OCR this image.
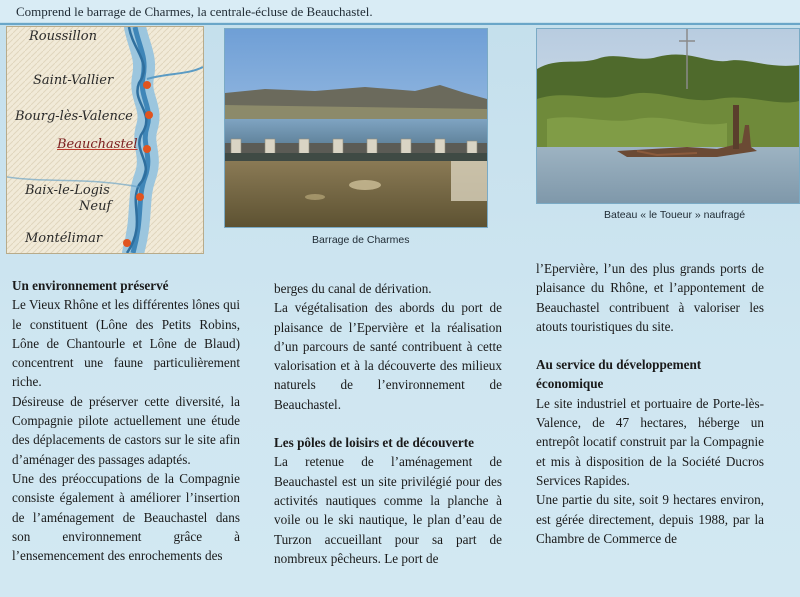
Comprend le barrage de Charmes, la centrale-écluse de Beauchastel.
Roussillon
Saint-Vallier
Bourg-lès-Valence
Beauchastel
Baix-le-Logis
Neuf
Montélimar	Barrage de Charmes
Bateau « le Toueur » naufragé
Un environnement préservé

Le Vieux Rhône et les différentes lônes qui le constituent (Lône des Petits Robins, Lône de Chantourle et Lône de Blaud) concentrent une faune particulièrement riche.

Désireuse de préserver cette diversité, la Compagnie pilote actuellement une étude des déplacements de castors sur le site afin d’aménager des passages adaptés.

Une des préoccupations de la Compagnie consiste également à améliorer l’insertion de l’aménagement de Beauchastel dans son environnement grâce à l’ensemencement des enrochements des

berges du canal de dérivation.

La végétalisation des abords du port de plaisance de l’Epervière et la réalisation d’un parcours de santé contribuent à cette valorisation et à la découverte des milieux naturels de l’environnement de Beauchastel.

Les pôles de loisirs et de découverte

La retenue de l’aménagement de Beauchastel est un site privilégié pour des activités nautiques comme la planche à voile ou le ski nautique, le plan d’eau de Turzon accueillant pour sa part de nombreux pêcheurs. Le port de

l’Epervière, l’un des plus grands ports de plaisance du Rhône, et l’appontement de Beauchastel contribuent à valoriser les atouts touristiques du site.

Au service du développement économique

Le site industriel et portuaire de Porte-lès-Valence, de 47 hectares, héberge un entrepôt locatif construit par la Compagnie et mis à disposition de la Société Ducros Services Rapides.

Une partie du site, soit 9 hectares environ, est gérée directement, depuis 1988, par la Chambre de Commerce de
